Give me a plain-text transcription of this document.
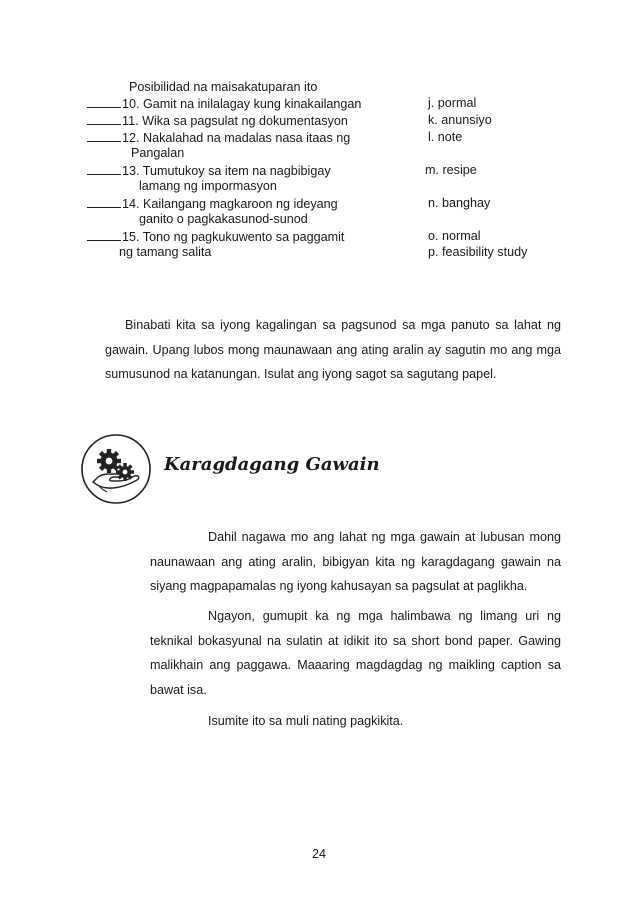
Posibilidad na maisakatuparan ito
10. Gamit na inilalagay kung kinakailangan	j. pormal
11. Wika sa pagsulat ng dokumentasyon	k. anunsiyo
12. Nakalahad na madalas nasa itaas ng	l. note
Pangalan
13. Tumutukoy sa item na nagbibigay	m. resipe
lamang ng impormasyon
14. Kailangang magkaroon ng ideyang	n. banghay
ganito o pagkakasunod-sunod
15. Tono ng pagkukuwento sa paggamit	o. normal
ng tamang salita	p. feasibility study
Binabati kita sa iyong kagalingan sa pagsunod sa mga panuto sa lahat ng gawain. Upang lubos mong maunawaan ang ating aralin ay sagutin mo ang mga sumusunod na katanungan. Isulat ang iyong sagot sa sagutang papel.
Karagdagang Gawain
Dahil nagawa mo ang lahat ng mga gawain at lubusan mong naunawaan ang ating aralin, bibigyan kita ng karagdagang gawain na siyang magpapamalas ng iyong kahusayan sa pagsulat at paglikha.
Ngayon, gumupit ka ng mga halimbawa ng limang uri ng teknikal bokasyunal na sulatin at idikit ito sa short bond paper. Gawing malikhain ang paggawa. Maaaring magdagdag ng maikling caption sa bawat isa.
Isumite ito sa muli nating pagkikita.
24
